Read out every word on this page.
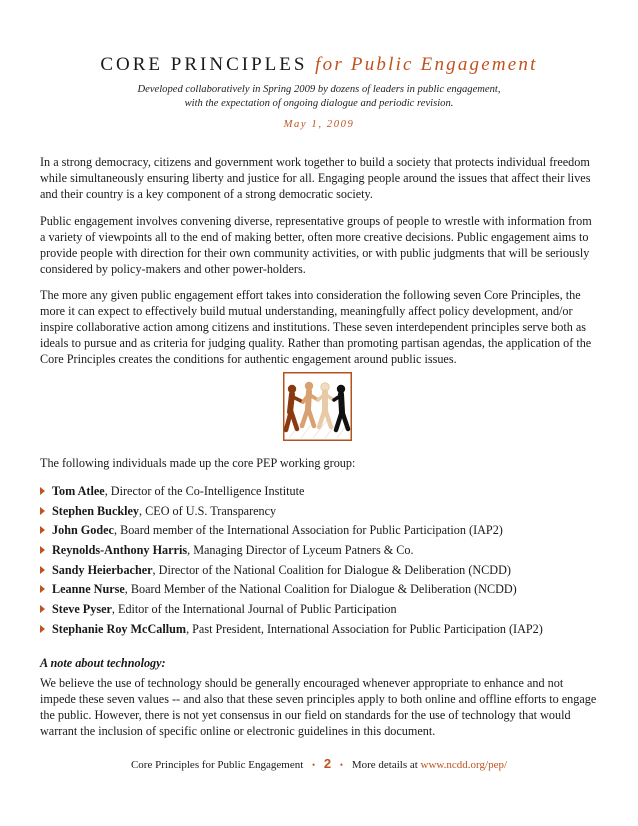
CORE PRINCIPLES for Public Engagement
Developed collaboratively in Spring 2009 by dozens of leaders in public engagement,
with the expectation of ongoing dialogue and periodic revision.
May 1, 2009
In a strong democracy, citizens and government work together to build a society that protects individual freedom while simultaneously ensuring liberty and justice for all. Engaging people around the issues that affect their lives and their country is a key component of a strong democratic society.
Public engagement involves convening diverse, representative groups of people to wrestle with information from a variety of viewpoints all to the end of making better, often more creative decisions. Public engagement aims to provide people with direction for their own community activities, or with public judgments that will be seriously considered by policy-makers and other power-holders.
The more any given public engagement effort takes into consideration the following seven Core Principles, the more it can expect to effectively build mutual understanding, meaningfully affect policy development, and/or inspire collaborative action among citizens and institutions. These seven interdependent principles serve both as ideals to pursue and as criteria for judging quality. Rather than promoting partisan agendas, the application of the Core Principles creates the conditions for authentic engagement around public issues.
The following individuals made up the core PEP working group:
Tom Atlee, Director of the Co-Intelligence Institute
Stephen Buckley, CEO of U.S. Transparency
John Godec, Board member of the International Association for Public Participation (IAP2)
Reynolds-Anthony Harris, Managing Director of Lyceum Patners & Co.
Sandy Heierbacher, Director of the National Coalition for Dialogue & Deliberation (NCDD)
Leanne Nurse, Board Member of the National Coalition for Dialogue & Deliberation (NCDD)
Steve Pyser, Editor of the International Journal of Public Participation
Stephanie Roy McCallum, Past President, International Association for Public Participation (IAP2)
A note about technology:
We believe the use of technology should be generally encouraged whenever appropriate to enhance and not impede these seven values -- and also that these seven principles apply to both online and offline efforts to engage the public. However, there is not yet consensus in our field on standards for the use of technology that would warrant the inclusion of specific online or electronic guidelines in this document.
Core Principles for Public Engagement • 2 • More details at www.ncdd.org/pep/
